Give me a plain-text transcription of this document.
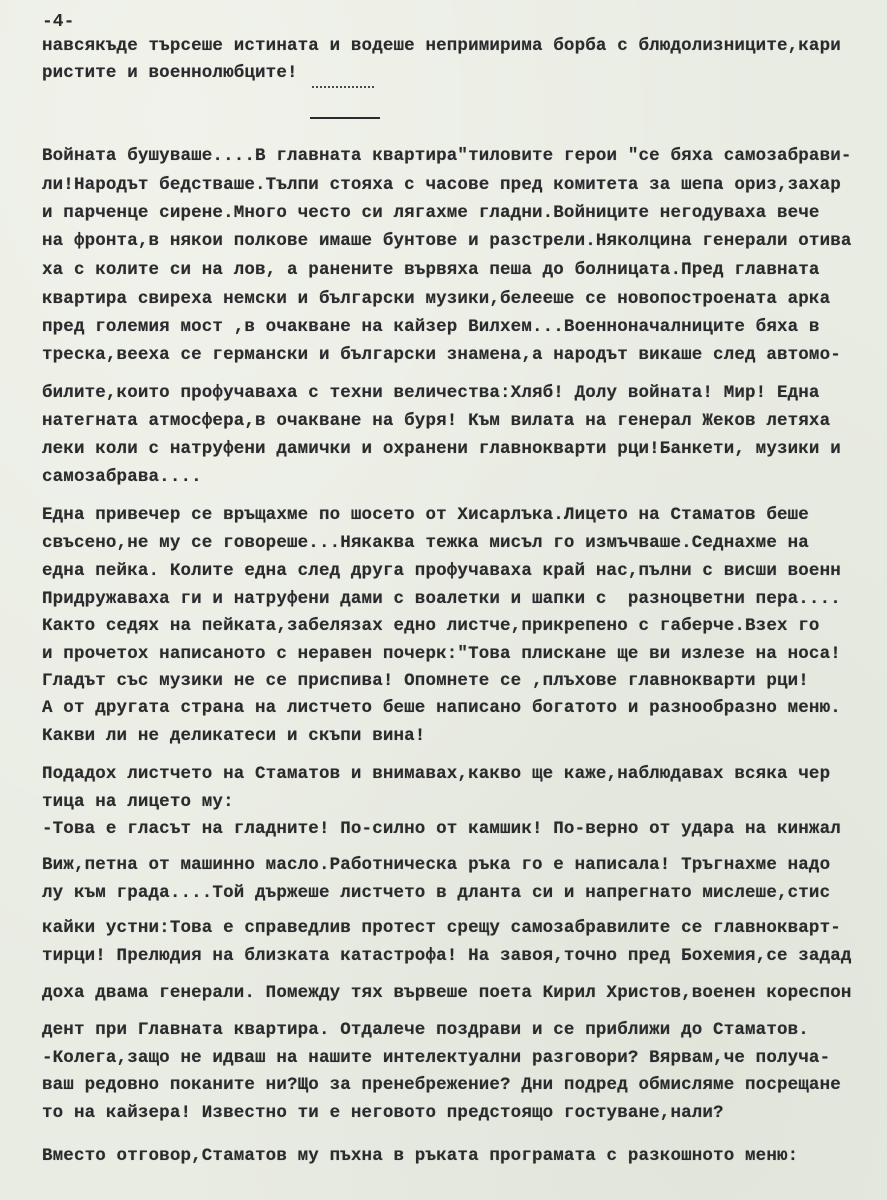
-4-
навсякъде търсеше истината и водеше непримирима борба с блюдолизниците,кари
ристите и военнолюбците!
Войната бушуваше....В главната квартира"тиловите герои "се бяха самозабрави-
ли!Народът бедстваше.Тълпи стояха с часове пред комитета за шепа ориз,захар
и парченце сирене.Много често си лягахме гладни.Войниците негодуваха вече
на фронта,в някои полкове имаше бунтове и разстрели.Няколцина генерали отива
ха с колите си на лов, а ранените вървяха пеша до болницата.Пред главната
квартира свиреха немски и български музики,белееше се новопостроената арка
пред големия мост ,в очакване на кайзер Вилхем...Военноначалниците бяха в
треска,вееха се германски и български знамена,а народът викаше след автомо-
билите,които профучаваха с техни величества:Хляб! Долу войната! Мир! Една
натегната атмосфера,в очакване на буря! Към вилата на генерал Жеков летяха
леки коли с натруфени дамички и охранени главнокварти рци!Банкети, музики и
самозабрава....
Една привечер се връщахме по шосето от Хисарлъка.Лицето на Стаматов беше
свъсено,не му се говореше...Някаква тежка мисъл го измъчваше.Седнахме на
една пейка. Колите една след друга профучаваха край нас,пълни с висши военн
Придружаваха ги и натруфени дами с воалетки и шапки с  разноцветни пера....
Както седях на пейката,забелязах едно листче,прикрепено с габерче.Взех го
и прочетох написаното с неравен почерк:"Това плискане ще ви излезе на носа!
Гладът със музики не се приспива! Опомнете се ,плъхове главнокварти рци!
А от другата страна на листчето беше написано богатото и разнообразно меню.
Какви ли не деликатеси и скъпи вина!
Подадох листчето на Стаматов и внимавах,какво ще каже,наблюдавах всяка чер
тица на лицето му:
-Това е гласът на гладните! По-силно от камшик! По-верно от удара на кинжал
Виж,петна от машинно масло.Работническа ръка го е написала! Тръгнахме надо
лу към града....Той държеше листчето в дланта си и напрегнато мислеше,стис
кайки устни:Това е справедлив протест срещу самозабравилите се главнокварт-
тирци! Прелюдия на близката катастрофа! На завоя,точно пред Бохемия,се задад
доха двама генерали. Помежду тях вървеше поета Кирил Христов,военен кореспон
дент при Главната квартира. Отдалече поздрави и се приближи до Стаматов.
-Колега,защо не идваш на нашите интелектуални разговори? Вярвам,че получа-
ваш редовно поканите ни?Що за пренебрежение? Дни подред обмисляме посрещане
то на кайзера! Известно ти е неговото предстоящо гостуване,нали?
Вместо отговор,Стаматов му пъхна в ръката програмата с разкошното меню:
